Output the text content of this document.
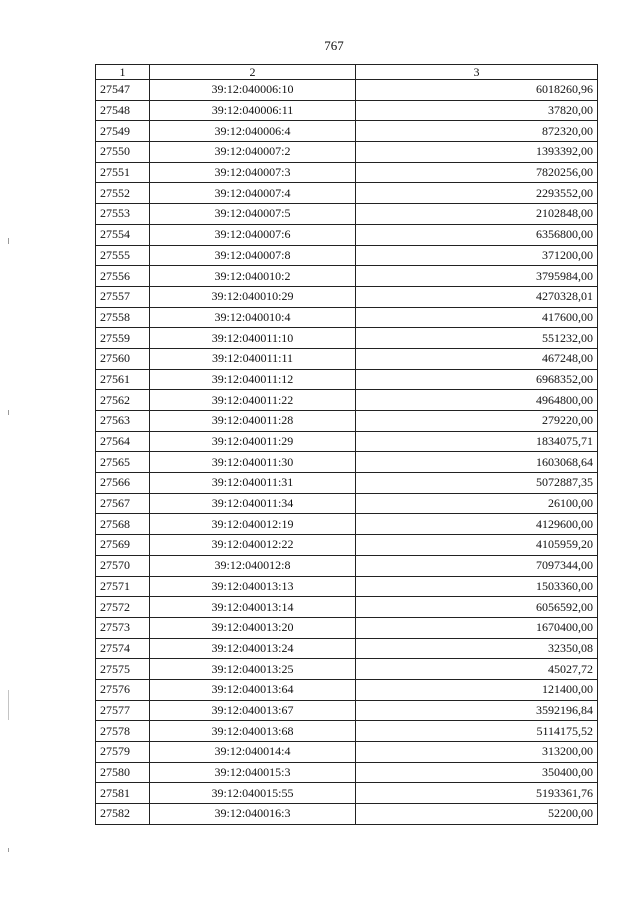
767
1	2	3
27547	39:12:040006:10	6018260,96
27548	39:12:040006:11	37820,00
27549	39:12:040006:4	872320,00
27550	39:12:040007:2	1393392,00
27551	39:12:040007:3	7820256,00
27552	39:12:040007:4	2293552,00
27553	39:12:040007:5	2102848,00
27554	39:12:040007:6	6356800,00
27555	39:12:040007:8	371200,00
27556	39:12:040010:2	3795984,00
27557	39:12:040010:29	4270328,01
27558	39:12:040010:4	417600,00
27559	39:12:040011:10	551232,00
27560	39:12:040011:11	467248,00
27561	39:12:040011:12	6968352,00
27562	39:12:040011:22	4964800,00
27563	39:12:040011:28	279220,00
27564	39:12:040011:29	1834075,71
27565	39:12:040011:30	1603068,64
27566	39:12:040011:31	5072887,35
27567	39:12:040011:34	26100,00
27568	39:12:040012:19	4129600,00
27569	39:12:040012:22	4105959,20
27570	39:12:040012:8	7097344,00
27571	39:12:040013:13	1503360,00
27572	39:12:040013:14	6056592,00
27573	39:12:040013:20	1670400,00
27574	39:12:040013:24	32350,08
27575	39:12:040013:25	45027,72
27576	39:12:040013:64	121400,00
27577	39:12:040013:67	3592196,84
27578	39:12:040013:68	5114175,52
27579	39:12:040014:4	313200,00
27580	39:12:040015:3	350400,00
27581	39:12:040015:55	5193361,76
27582	39:12:040016:3	52200,00
